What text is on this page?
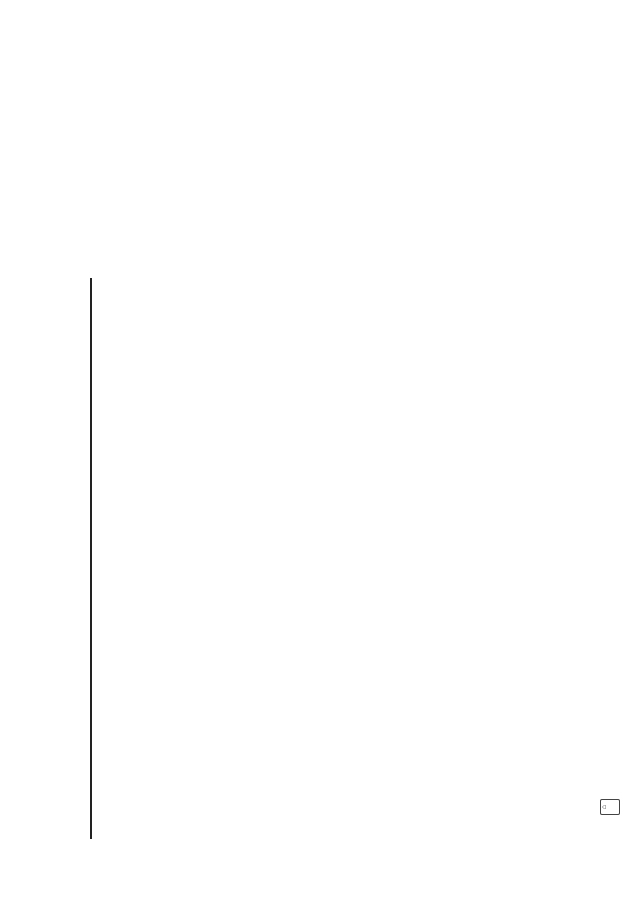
⌂
